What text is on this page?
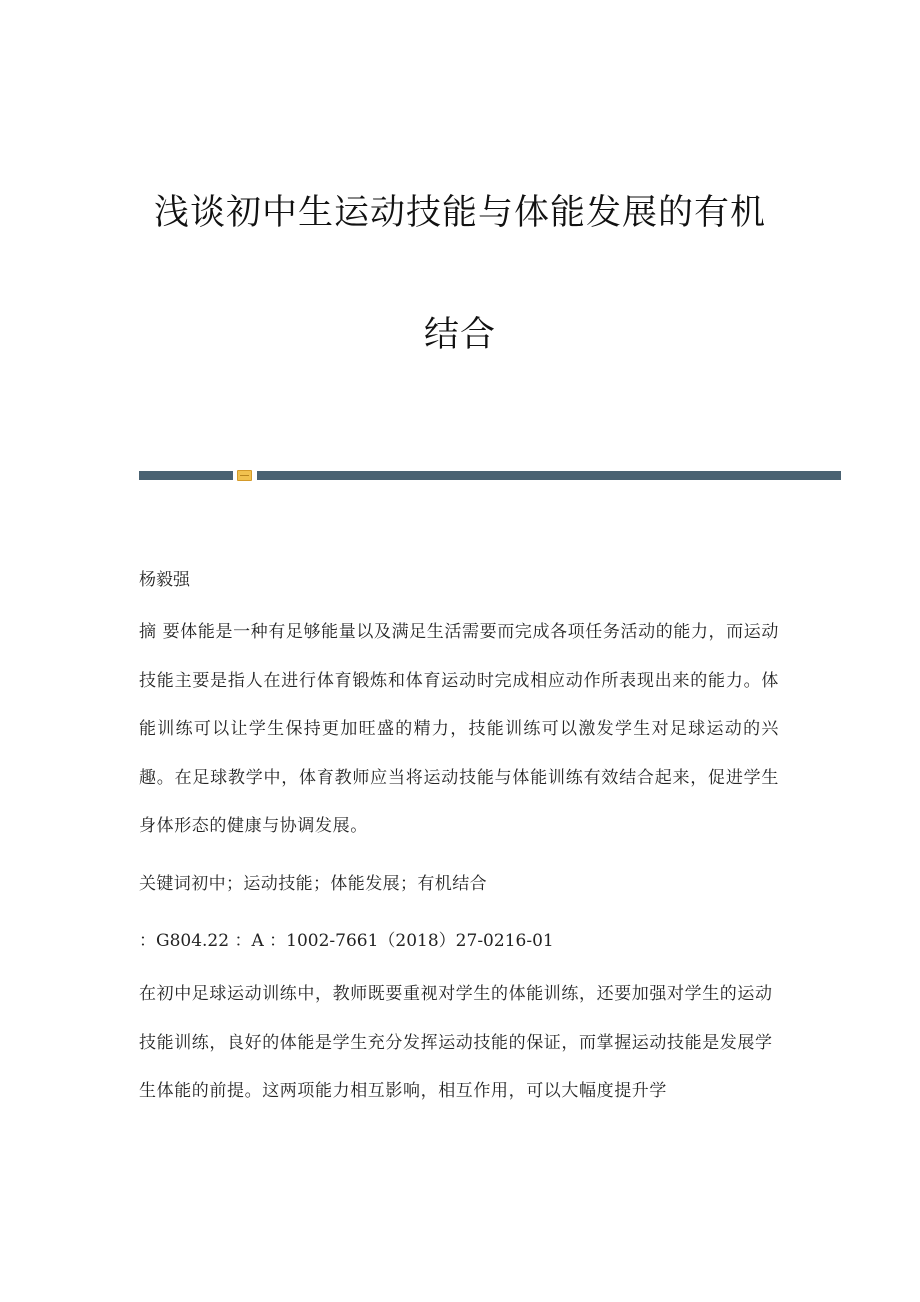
浅谈初中生运动技能与体能发展的有机
结合

杨毅强

摘 要体能是一种有足够能量以及满足生活需要而完成各项任务活动的能力，而运动技能主要是指人在进行体育锻炼和体育运动时完成相应动作所表现出来的能力。体能训练可以让学生保持更加旺盛的精力，技能训练可以激发学生对足球运动的兴趣。在足球教学中，体育教师应当将运动技能与体能训练有效结合起来，促进学生身体形态的健康与协调发展。

关键词初中；运动技能；体能发展；有机结合

：G804.22 ：A ：1002-7661（2018）27-0216-01

在初中足球运动训练中，教师既要重视对学生的体能训练，还要加强对学生的运动技能训练，良好的体能是学生充分发挥运动技能的保证，而掌握运动技能是发展学生体能的前提。这两项能力相互影响，相互作用，可以大幅度提升学
